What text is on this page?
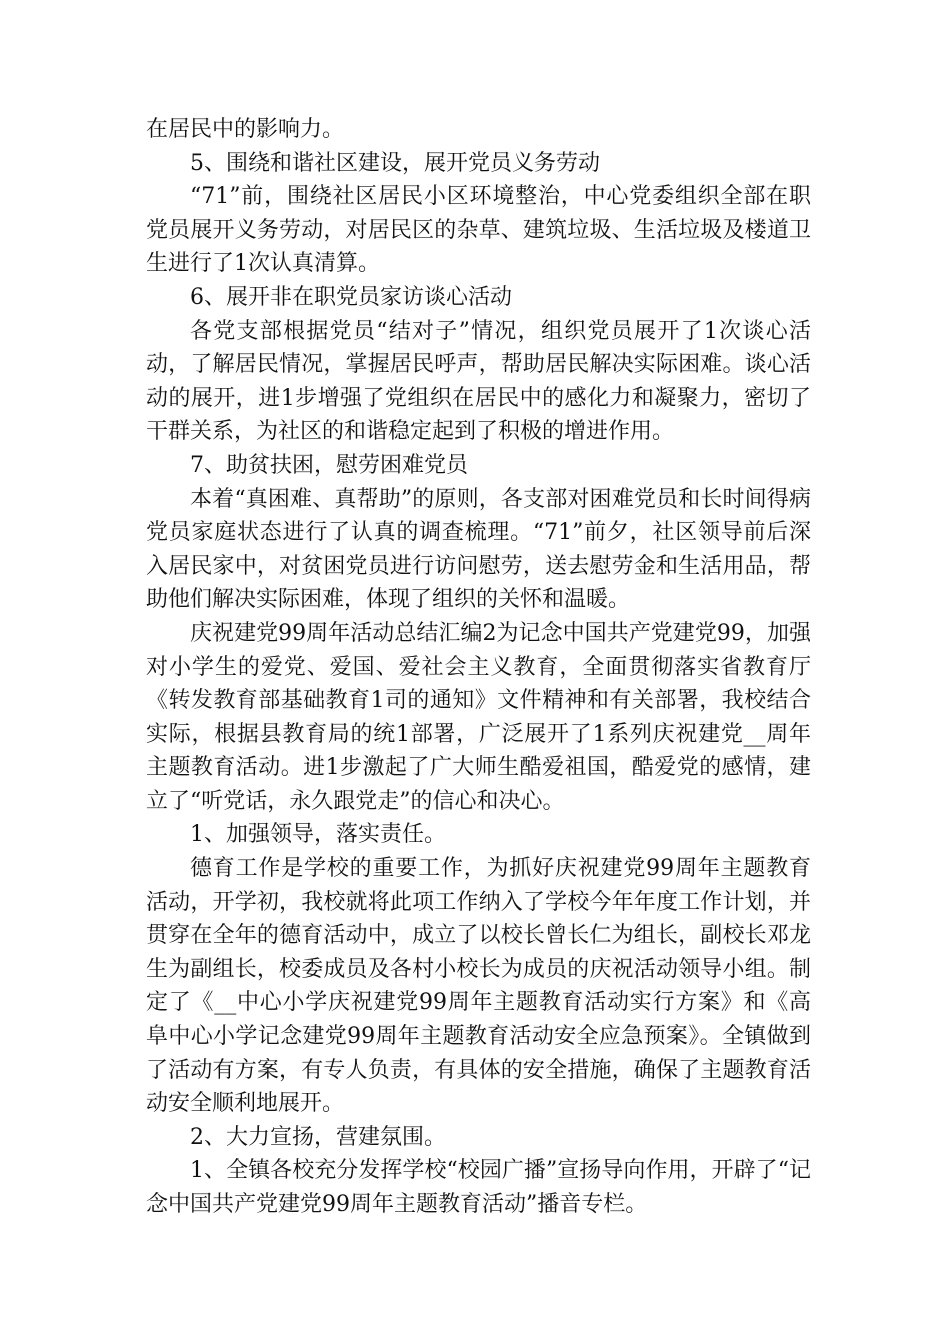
在居民中的影响力。

5、围绕和谐社区建设，展开党员义务劳动

“71”前，围绕社区居民小区环境整治，中心党委组织全部在职党员展开义务劳动，对居民区的杂草、建筑垃圾、生活垃圾及楼道卫生进行了1次认真清算。

6、展开非在职党员家访谈心活动

各党支部根据党员“结对子”情况，组织党员展开了1次谈心活动，了解居民情况，掌握居民呼声，帮助居民解决实际困难。谈心活动的展开，进1步增强了党组织在居民中的感化力和凝聚力，密切了干群关系，为社区的和谐稳定起到了积极的增进作用。

7、助贫扶困，慰劳困难党员

本着“真困难、真帮助”的原则，各支部对困难党员和长时间得病党员家庭状态进行了认真的调查梳理。“71”前夕，社区领导前后深入居民家中，对贫困党员进行访问慰劳，送去慰劳金和生活用品，帮助他们解决实际困难，体现了组织的关怀和温暖。

庆祝建党99周年活动总结汇编2为记念中国共产党建党99，加强对小学生的爱党、爱国、爱社会主义教育，全面贯彻落实省教育厅《转发教育部基础教育1司的通知》文件精神和有关部署，我校结合实际，根据县教育局的统1部署，广泛展开了1系列庆祝建党__周年主题教育活动。进1步激起了广大师生酷爱祖国，酷爱党的感情，建立了“听党话，永久跟党走”的信心和决心。

1、加强领导，落实责任。

德育工作是学校的重要工作，为抓好庆祝建党99周年主题教育活动，开学初，我校就将此项工作纳入了学校今年年度工作计划，并贯穿在全年的德育活动中，成立了以校长曾长仁为组长，副校长邓龙生为副组长，校委成员及各村小校长为成员的庆祝活动领导小组。制定了《__中心小学庆祝建党99周年主题教育活动实行方案》和《高阜中心小学记念建党99周年主题教育活动安全应急预案》。全镇做到了活动有方案，有专人负责，有具体的安全措施，确保了主题教育活动安全顺利地展开。

2、大力宣扬，营建氛围。

1、全镇各校充分发挥学校“校园广播”宣扬导向作用，开辟了“记念中国共产党建党99周年主题教育活动”播音专栏。
